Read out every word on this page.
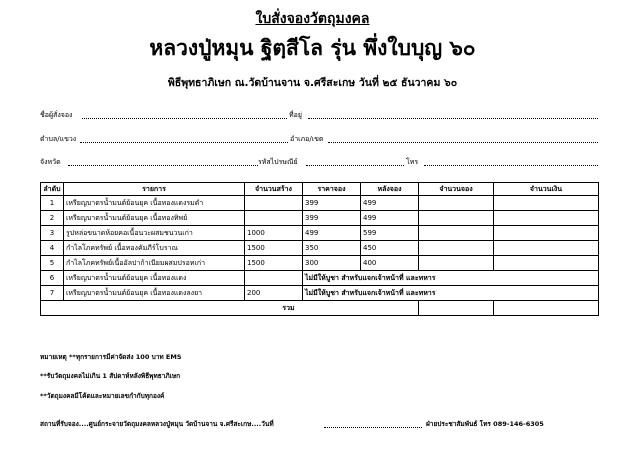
ใบสั่งจองวัตถุมงคล
หลวงปู่หมุน ฐิตฺสีโล รุ่น พึ่งใบบุญ ๖๐
พิธีพุทธาภิเษก ณ.วัดบ้านจาน จ.ศรีสะเกษ วันที่ ๒๕ ธันวาคม ๖๐
ชื่อผู้สั่งจอง	ที่อยู่
ตำบล/แขวง	อำเภอ/เขต
จังหวัด	รหัสไปรษณีย์	โทร
ลำดับ	รายการ	จำนวนสร้าง	ราคาจอง	หลังจอง	จำนวนจอง	จำนวนเงิน
1	เหรียญบาตรน้ำมนต์ย้อนยุค เนื้อทองแดงรมดำ		399	499		
2	เหรียญบาตรน้ำมนต์ย้อนยุค เนื้อทองทิพย์		399	499		
3	รูปหล่อขนาดห้อยคอเนื้อนวะผสมชนวนเก่า	1000	499	599		
4	กำไลโภคทรัพย์ เนื้อทองคัมภีร์โบราณ	1500	350	450		
5	กำไลโภคทรัพย์เนื้ออัลปาก้าเนียมผสมปรอทเก่า	1500	300	400		
6	เหรียญบาตรน้ำมนต์ย้อนยุค เนื้อทองแดง		ไม่มีให้บูชา สำหรับแจกเจ้าหน้าที่ และทหาร			
7	เหรียญบาตรน้ำมนต์ย้อนยุค เนื้อทองแดงลงยา	200	ไม่มีให้บูชา สำหรับแจกเจ้าหน้าที่ และทหาร			
รวม						
หมายเหตุ **ทุกรายการมีค่าจัดส่ง 100 บาท EMS
**รับวัตถุมงคลไม่เกิน 1 สัปดาห์หลังพิธีพุทธาภิเษก
**วัตถุมงคลมีโค้ดและหมายเลขกำกับทุกองค์
สถานที่รับจอง....ศูนย์กระจายวัตถุมงคลหลวงปู่หมุน วัดบ้านจาน จ.ศรีสะเกษ....วันที่	ฝ่ายประชาสัมพันธ์ โทร 089-146-6305
